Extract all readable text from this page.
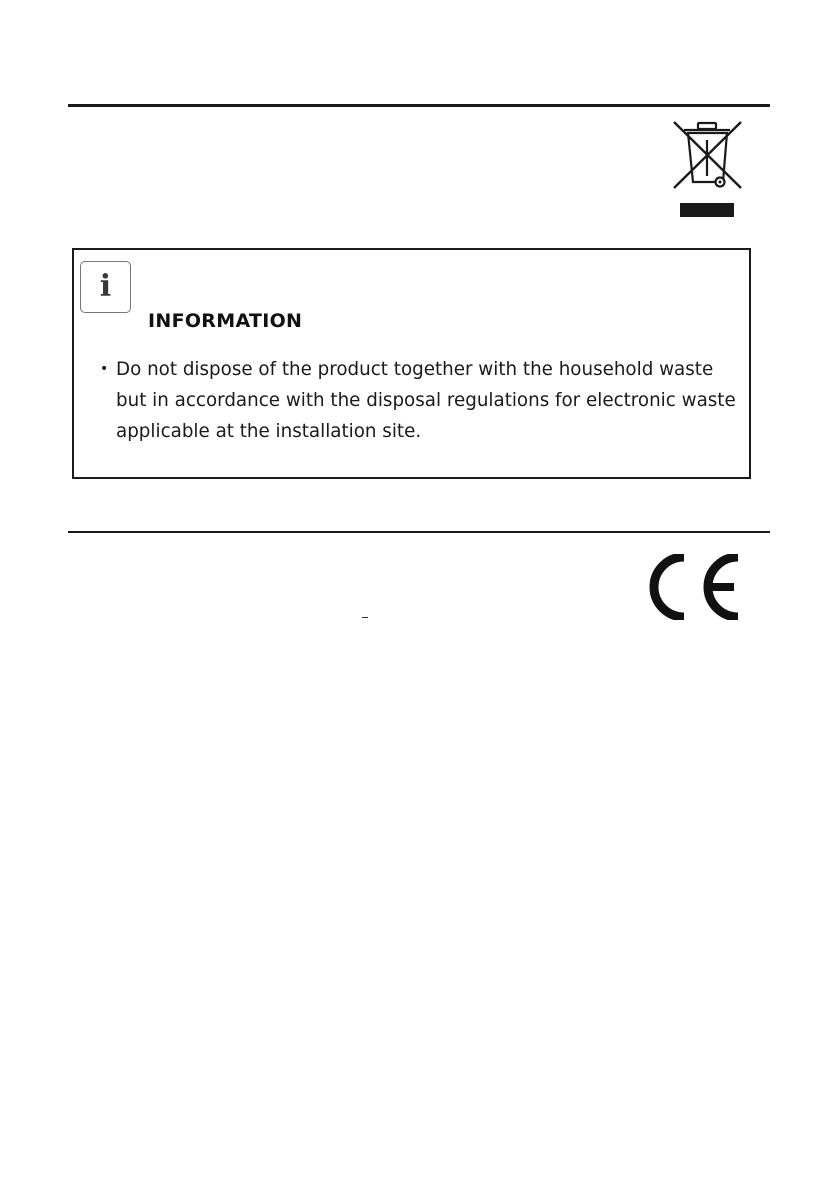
i
INFORMATION
• Do not dispose of the product together with the household waste but in accordance with the disposal regulations for electronic waste applicable at the installation site.
